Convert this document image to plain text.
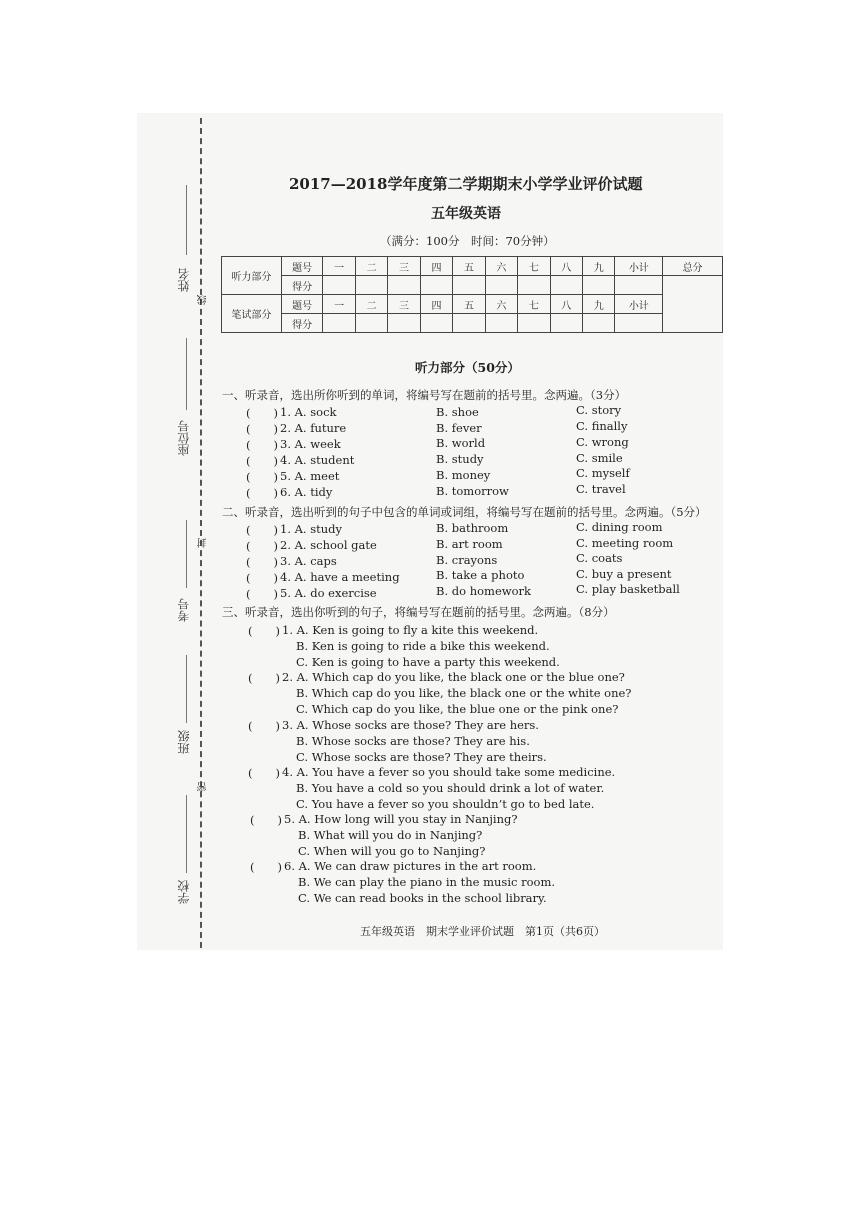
姓名
线
座位号
封
考号
班级
密
学校
2017—2018学年度第二学期期末小学学业评价试题
五年级英语
（满分：100分　时间：70分钟）
听力部分	题号	一	二	三	四	五	六	七	八	九	小计	总分
	得分											
笔试部分	题号	一	二	三	四	五	六	七	八	九	小计	
	得分											
听力部分（50分）
一、听录音，选出所你听到的单词，将编号写在题前的括号里。念两遍。（3分）
(　　) 1. A. sock	B. shoe	C. story
(　　) 2. A. future	B. fever	C. finally
(　　) 3. A. week	B. world	C. wrong
(　　) 4. A. student	B. study	C. smile
(　　) 5. A. meet	B. money	C. myself
(　　) 6. A. tidy	B. tomorrow	C. travel
二、听录音，选出听到的句子中包含的单词或词组，将编号写在题前的括号里。念两遍。（5分）
(　　) 1. A. study	B. bathroom	C. dining room
(　　) 2. A. school gate	B. art room	C. meeting room
(　　) 3. A. caps	B. crayons	C. coats
(　　) 4. A. have a meeting	B. take a photo	C. buy a present
(　　) 5. A. do exercise	B. do homework	C. play basketball
三、听录音，选出你听到的句子，将编号写在题前的括号里。念两遍。（8分）
(　　) 1. A. Ken is going to fly a kite this weekend.
B. Ken is going to ride a bike this weekend.
C. Ken is going to have a party this weekend.
(　　) 2. A. Which cap do you like, the black one or the blue one?
B. Which cap do you like, the black one or the white one?
C. Which cap do you like, the blue one or the pink one?
(　　) 3. A. Whose socks are those? They are hers.
B. Whose socks are those? They are his.
C. Whose socks are those? They are theirs.
(　　) 4. A. You have a fever so you should take some medicine.
B. You have a cold so you should drink a lot of water.
C. You have a fever so you shouldn’t go to bed late.
(　　) 5. A. How long will you stay in Nanjing?
B. What will you do in Nanjing?
C. When will you go to Nanjing?
(　　) 6. A. We can draw pictures in the art room.
B. We can play the piano in the music room.
C. We can read books in the school library.
五年级英语　期末学业评价试题　第1页（共6页）
